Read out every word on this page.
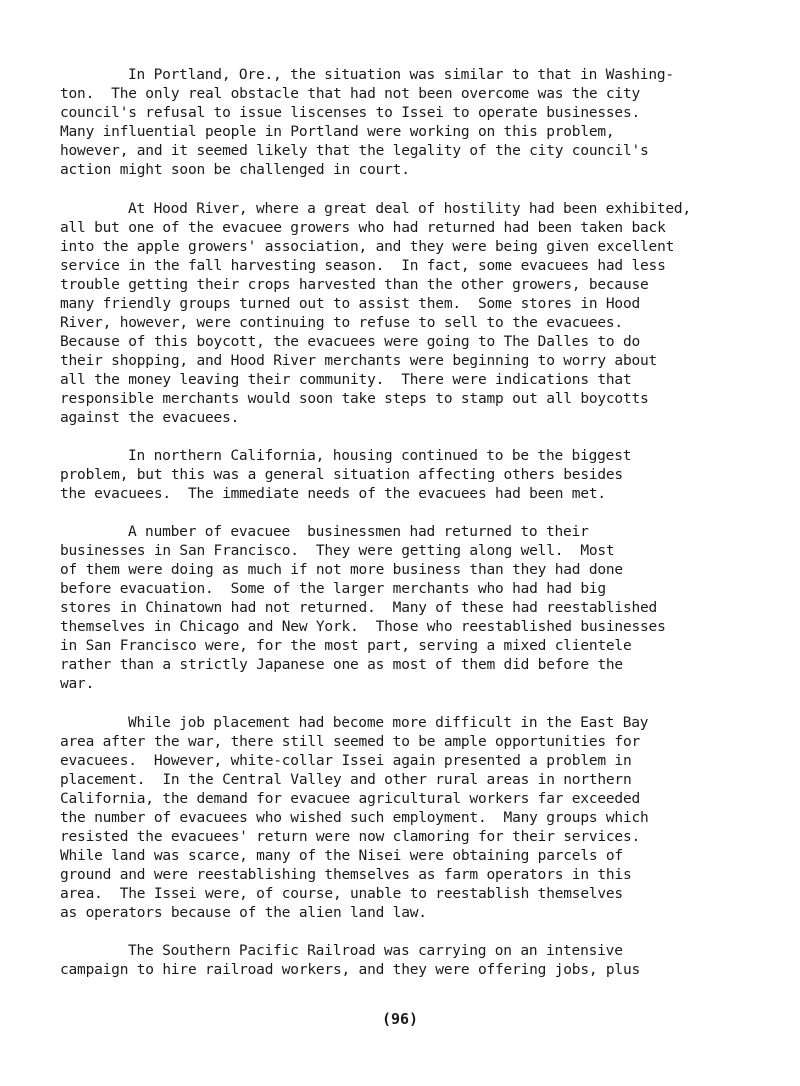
In Portland, Ore., the situation was similar to that in Washing-

ton.  The only real obstacle that had not been overcome was the city

council's refusal to issue liscenses to Issei to operate businesses.

Many influential people in Portland were working on this problem,

however, and it seemed likely that the legality of the city council's

action might soon be challenged in court.

At Hood River, where a great deal of hostility had been exhibited,

all but one of the evacuee growers who had returned had been taken back

into the apple growers' association, and they were being given excellent

service in the fall harvesting season.  In fact, some evacuees had less

trouble getting their crops harvested than the other growers, because

many friendly groups turned out to assist them.  Some stores in Hood

River, however, were continuing to refuse to sell to the evacuees.

Because of this boycott, the evacuees were going to The Dalles to do

their shopping, and Hood River merchants were beginning to worry about

all the money leaving their community.  There were indications that

responsible merchants would soon take steps to stamp out all boycotts

against the evacuees.

In northern California, housing continued to be the biggest

problem, but this was a general situation affecting others besides

the evacuees.  The immediate needs of the evacuees had been met.

A number of evacuee  businessmen had returned to their

businesses in San Francisco.  They were getting along well.  Most

of them were doing as much if not more business than they had done

before evacuation.  Some of the larger merchants who had had big

stores in Chinatown had not returned.  Many of these had reestablished

themselves in Chicago and New York.  Those who reestablished businesses

in San Francisco were, for the most part, serving a mixed clientele

rather than a strictly Japanese one as most of them did before the

war.

While job placement had become more difficult in the East Bay

area after the war, there still seemed to be ample opportunities for

evacuees.  However, white-collar Issei again presented a problem in

placement.  In the Central Valley and other rural areas in northern

California, the demand for evacuee agricultural workers far exceeded

the number of evacuees who wished such employment.  Many groups which

resisted the evacuees' return were now clamoring for their services.

While land was scarce, many of the Nisei were obtaining parcels of

ground and were reestablishing themselves as farm operators in this

area.  The Issei were, of course, unable to reestablish themselves

as operators because of the alien land law.

The Southern Pacific Railroad was carrying on an intensive

campaign to hire railroad workers, and they were offering jobs, plus

(96)
